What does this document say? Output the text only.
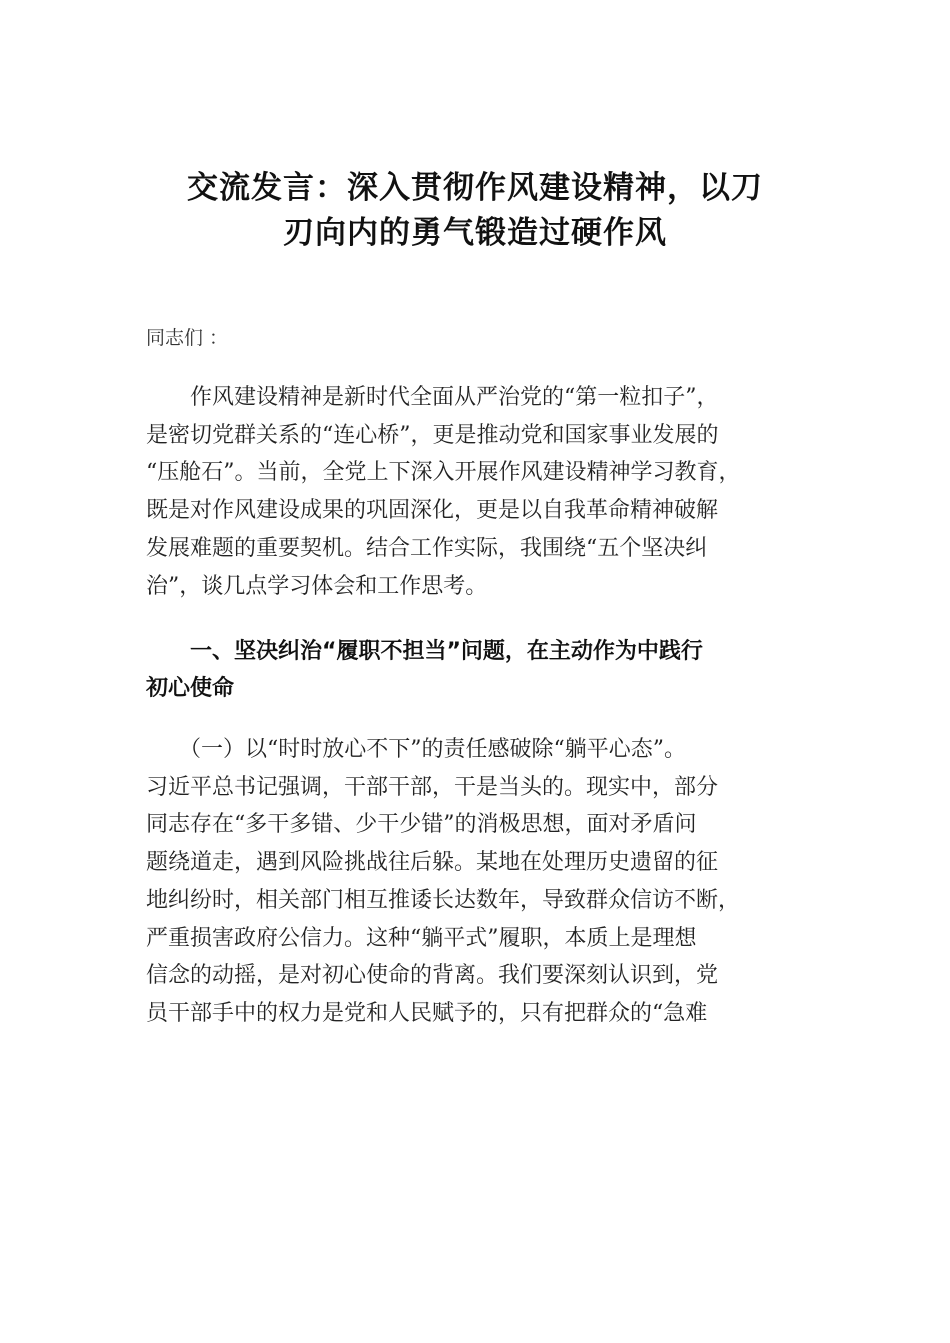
交流发言：深入贯彻作风建设精神，以刀
刃向内的勇气锻造过硬作风
同志们 ：
　　作风建设精神是新时代全面从严治党的“第一粒扣子”，
是密切党群关系的“连心桥”，更是推动党和国家事业发展的
“压舱石”。当前，全党上下深入开展作风建设精神学习教育，
既是对作风建设成果的巩固深化，更是以自我革命精神破解
发展难题的重要契机。结合工作实际，我围绕“五个坚决纠
治”，谈几点学习体会和工作思考。
　　一、坚决纠治“履职不担当”问题，在主动作为中践行
初心使命
　　（一）以“时时放心不下”的责任感破除“躺平心态”。
习近平总书记强调，干部干部，干是当头的。现实中，部分
同志存在“多干多错、少干少错”的消极思想，面对矛盾问
题绕道走，遇到风险挑战往后躲。某地在处理历史遗留的征
地纠纷时，相关部门相互推诿长达数年，导致群众信访不断，
严重损害政府公信力。这种“躺平式”履职，本质上是理想
信念的动摇，是对初心使命的背离。我们要深刻认识到，党
员干部手中的权力是党和人民赋予的，只有把群众的“急难
